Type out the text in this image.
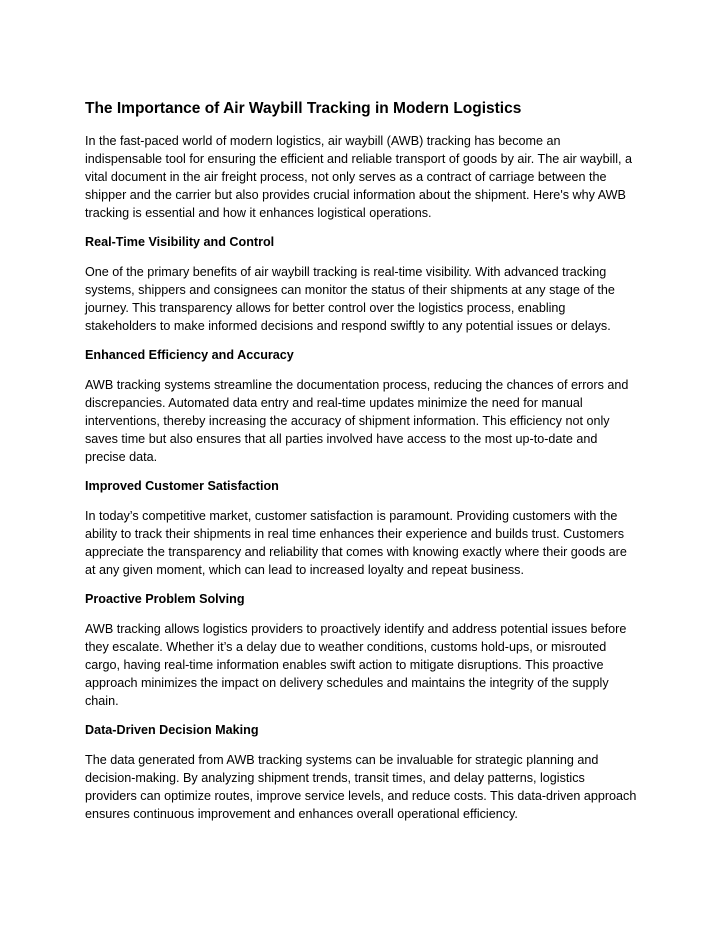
The Importance of Air Waybill Tracking in Modern Logistics

In the fast-paced world of modern logistics, air waybill (AWB) tracking has become an indispensable tool for ensuring the efficient and reliable transport of goods by air. The air waybill, a vital document in the air freight process, not only serves as a contract of carriage between the shipper and the carrier but also provides crucial information about the shipment. Here's why AWB tracking is essential and how it enhances logistical operations.

Real-Time Visibility and Control

One of the primary benefits of air waybill tracking is real-time visibility. With advanced tracking systems, shippers and consignees can monitor the status of their shipments at any stage of the journey. This transparency allows for better control over the logistics process, enabling stakeholders to make informed decisions and respond swiftly to any potential issues or delays.

Enhanced Efficiency and Accuracy

AWB tracking systems streamline the documentation process, reducing the chances of errors and discrepancies. Automated data entry and real-time updates minimize the need for manual interventions, thereby increasing the accuracy of shipment information. This efficiency not only saves time but also ensures that all parties involved have access to the most up-to-date and precise data.

Improved Customer Satisfaction

In today’s competitive market, customer satisfaction is paramount. Providing customers with the ability to track their shipments in real time enhances their experience and builds trust. Customers appreciate the transparency and reliability that comes with knowing exactly where their goods are at any given moment, which can lead to increased loyalty and repeat business.

Proactive Problem Solving

AWB tracking allows logistics providers to proactively identify and address potential issues before they escalate. Whether it’s a delay due to weather conditions, customs hold-ups, or misrouted cargo, having real-time information enables swift action to mitigate disruptions. This proactive approach minimizes the impact on delivery schedules and maintains the integrity of the supply chain.

Data-Driven Decision Making

The data generated from AWB tracking systems can be invaluable for strategic planning and decision-making. By analyzing shipment trends, transit times, and delay patterns, logistics providers can optimize routes, improve service levels, and reduce costs. This data-driven approach ensures continuous improvement and enhances overall operational efficiency.
